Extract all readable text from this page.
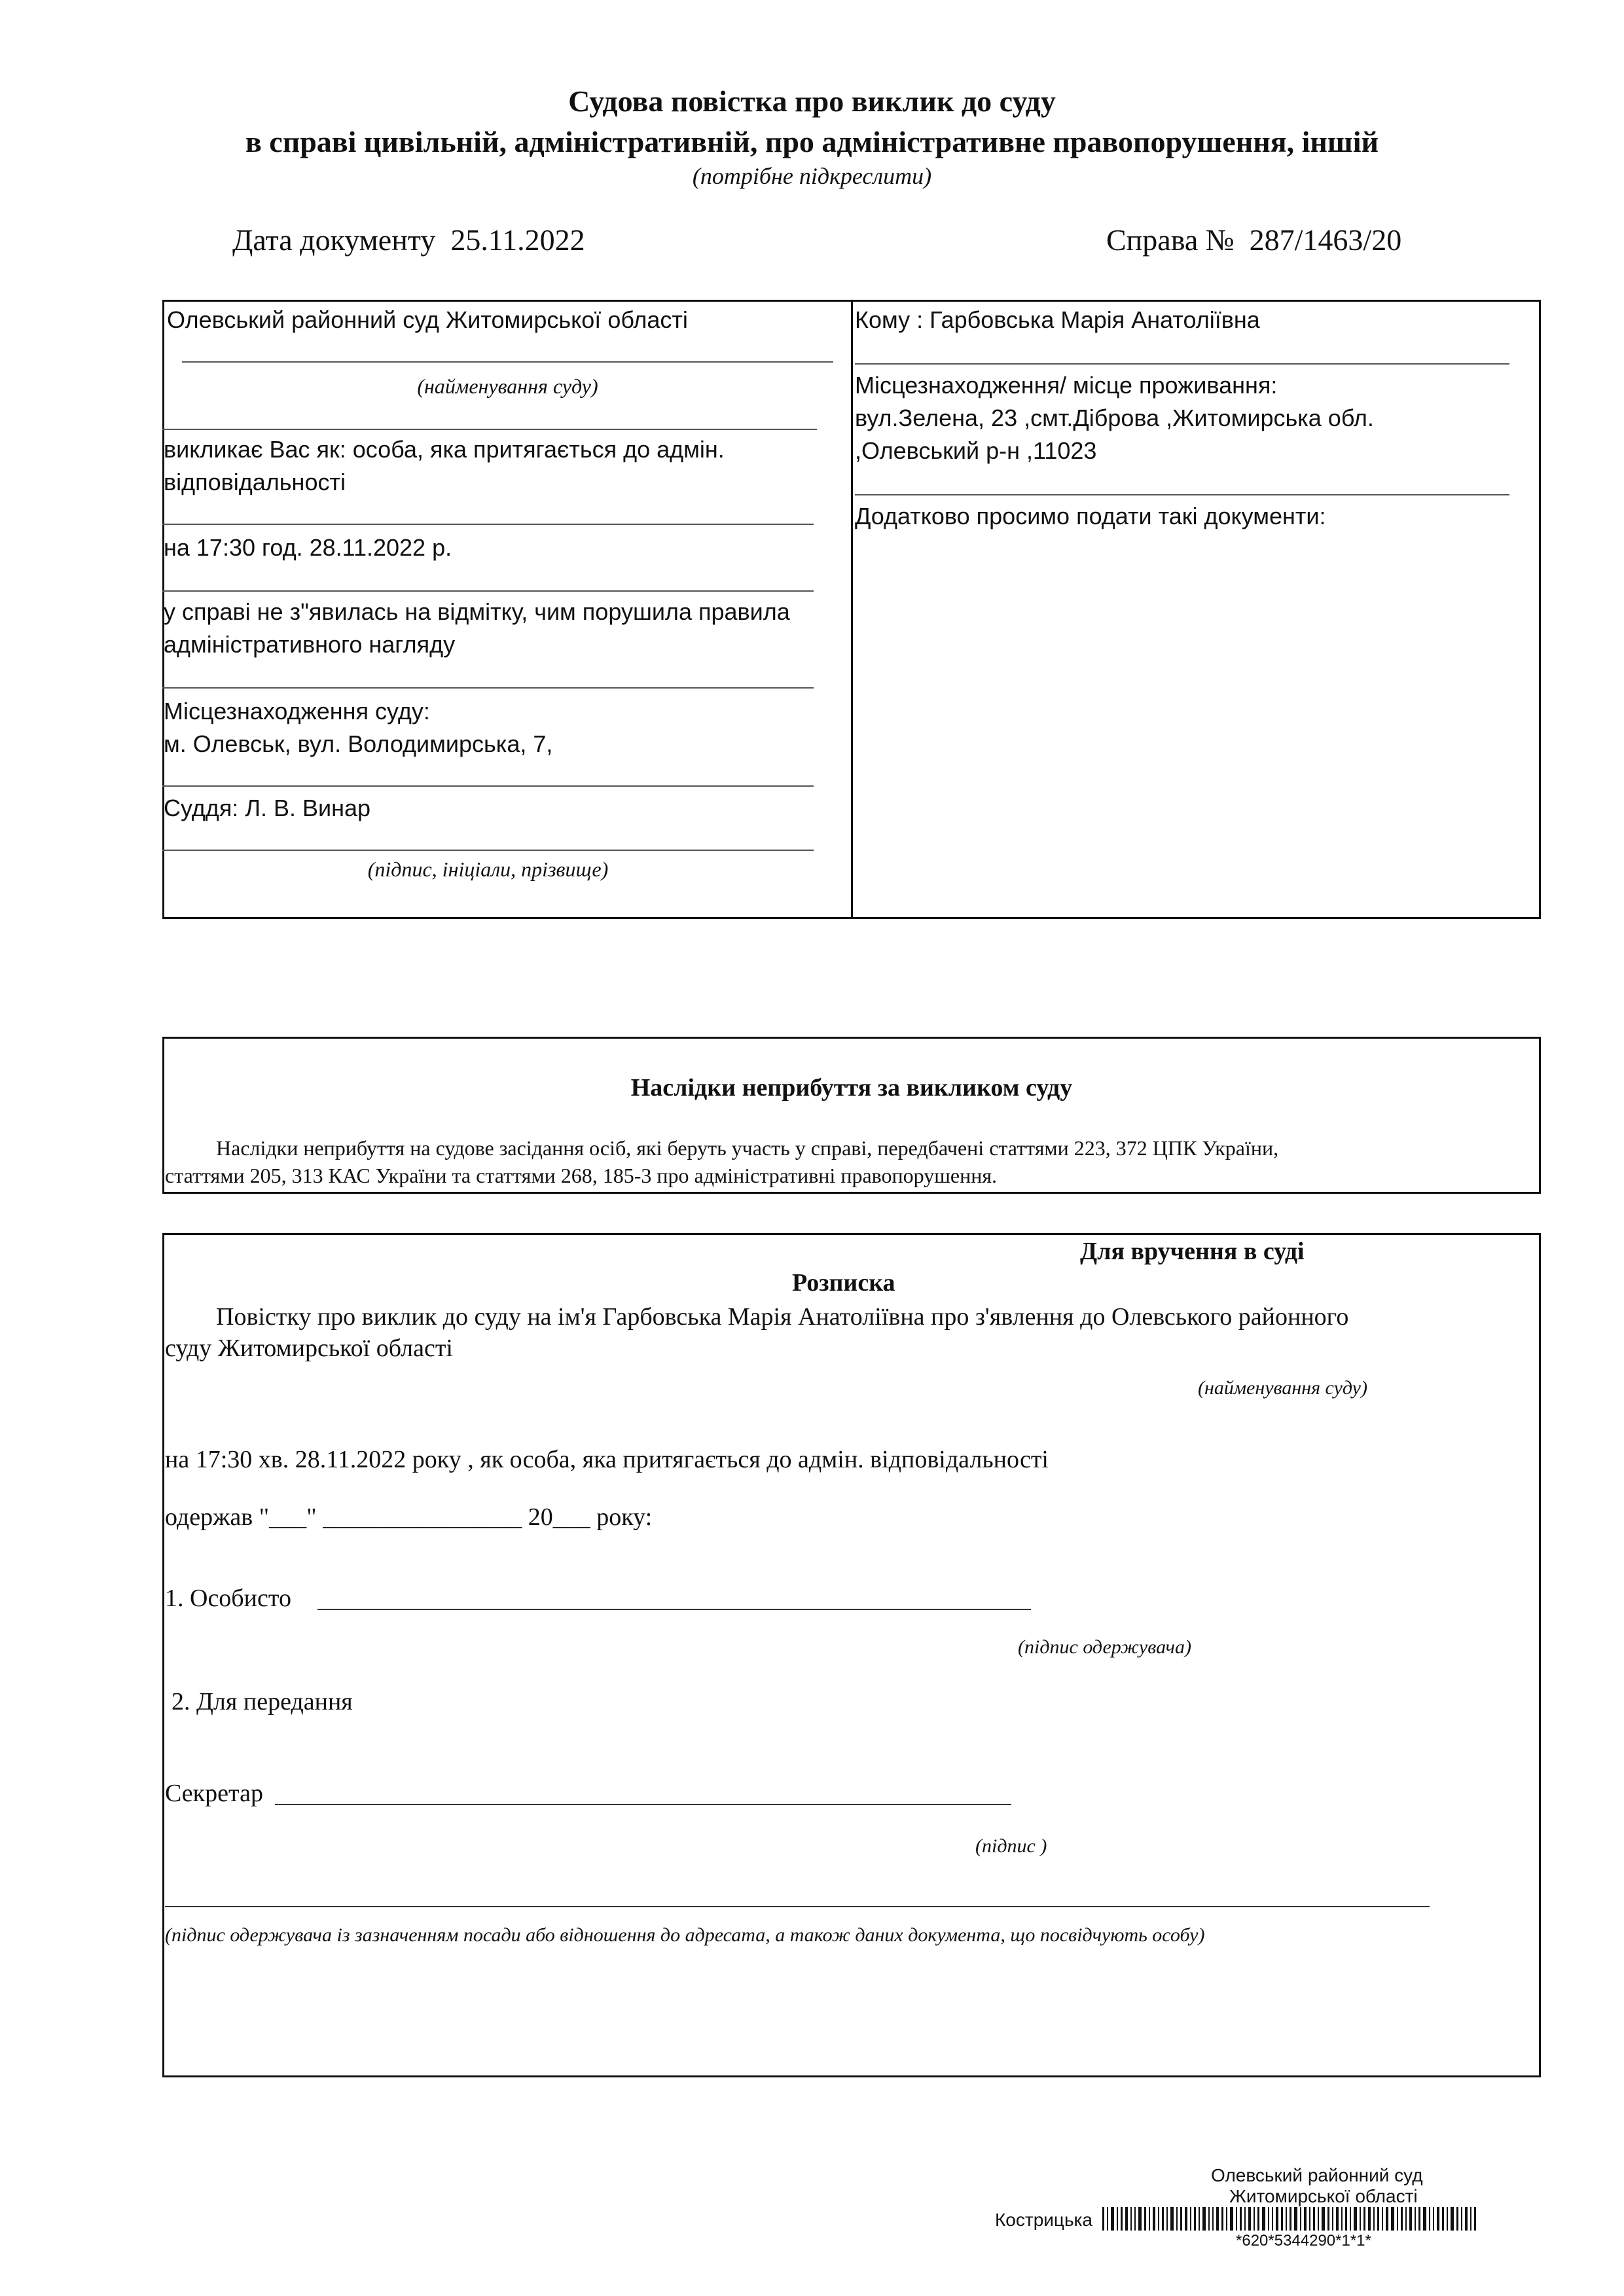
Судова повістка про виклик до суду
в справі цивільній, адміністративній, про адміністративне правопорушення, іншій
(потрібне підкреслити)
Дата документу 25.11.2022	Справа № 287/1463/20
Олевський районний суд Житомирської області
(найменування суду)
викликає Вас як: особа, яка притягається до адмін. відповідальності
на 17:30 год. 28.11.2022 р.
у справі не з"явилась на відмітку, чим порушила правила адміністративного нагляду
Місцезнаходження суду:
м. Олевськ, вул. Володимирська, 7,
Суддя: Л. В. Винар
(підпис, ініціали, прізвище)
Кому : Гарбовська Марія Анатоліївна
Місцезнаходження/ місце проживання:
вул.Зелена, 23 ,смт.Діброва ,Житомирська обл.
,Олевський р-н ,11023
Додатково просимо подати такі документи:
Наслідки неприбуття за викликом суду
Наслідки неприбуття на судове засідання осіб, які беруть участь у справі, передбачені статтями 223, 372 ЦПК України,
статтями 205, 313 КАС України та статтями 268, 185-3 про адміністративні правопорушення.
Для вручення в суді
Розписка
Повістку про виклик до суду на ім'я Гарбовська Марія Анатоліївна про з'явлення до Олевського районного
суду Житомирської області
(найменування суду)
на 17:30 хв. 28.11.2022 року , як особа, яка притягається до адмін. відповідальності
одержав "___" ________________ 20___ року:
1. Особисто
(підпис одержувача)
2. Для передання
Секретар
(підпис )
(підпис одержувача із зазначенням посади або відношення до адресата, а також даних документа, що посвідчують особу)
Олевський районний суд
Житомирської області
Кострицька
*620*5344290*1*1*
